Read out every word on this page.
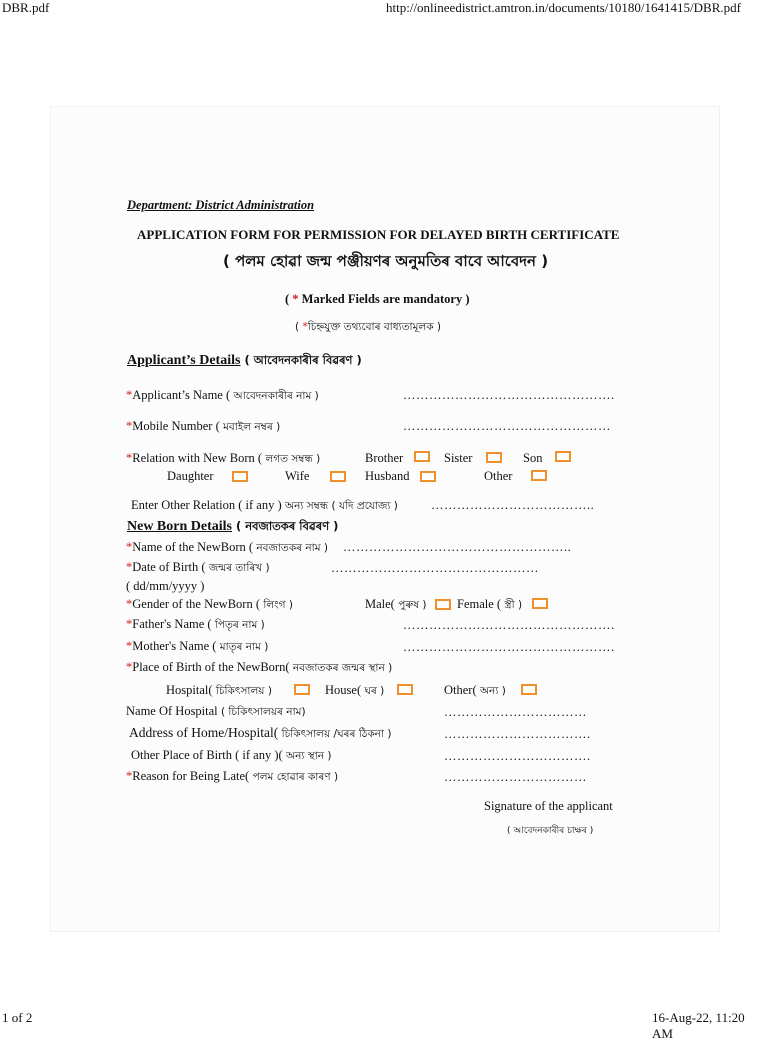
DBR.pdf	http://onlineedistrict.amtron.in/documents/10180/1641415/DBR.pdf
1 of 2	16-Aug-22, 11:20 AM
Department: District Administration
APPLICATION FORM FOR PERMISSION FOR DELAYED BIRTH CERTIFICATE
( পলম হোৱা জন্ম পঞ্জীয়ণৰ অনুমতিৰ বাবে আবেদন )
( * Marked Fields are mandatory )
( *চিহ্নযুক্ত তথ্যবোৰ বাধ্যতামূলক )
Applicant’s Details ( আবেদনকাৰীৰ বিৱৰণ )
*Applicant’s Name ( আবেদনকাৰীৰ নাম )	………………………………………….
*Mobile Number ( মবাইল নম্বৰ )	…………………………………………
*Relation with New Born ( লগত সম্বন্ধ )	Brother	Sister	Son
Daughter	Wife	Husband	Other
Enter Other Relation ( if any ) অন্য সম্বন্ধ ( যদি প্ৰযোজ্য )	………………………………..
New Born Details ( নবজাতকৰ বিৱৰণ )
*Name of the NewBorn ( নবজাতকৰ নাম ) ……………………………………………..
*Date of Birth ( জন্মৰ তাৰিখ )	…………………………………………
( dd/mm/yyyy )
*Gender of the NewBorn ( লিংগ )	Male( পুৰুষ ) Female ( স্ত্ৰী )
*Father's Name ( পিতৃৰ নাম )	………………………………………….
*Mother's Name ( মাতৃৰ নাম )	………………………………………….
*Place of Birth of the NewBorn( নবজাতকৰ জন্মৰ স্থান )
Hospital( চিকিৎসালয় )	House( ঘৰ )	Other( অন্য )
Name Of Hospital ( চিকিৎসালয়ৰ নাম)	……………………………
Address of Home/Hospital( চিকিৎসালয় /ঘৰৰ ঠিকনা )	…………………………….
Other Place of Birth ( if any )( অন্য স্থান )	…………………………….
*Reason for Being Late( পলম হোৱাৰ কাৰণ )	……………………………
Signature of the applicant
( আবেদনকাৰীৰ চাক্ষৰ )
